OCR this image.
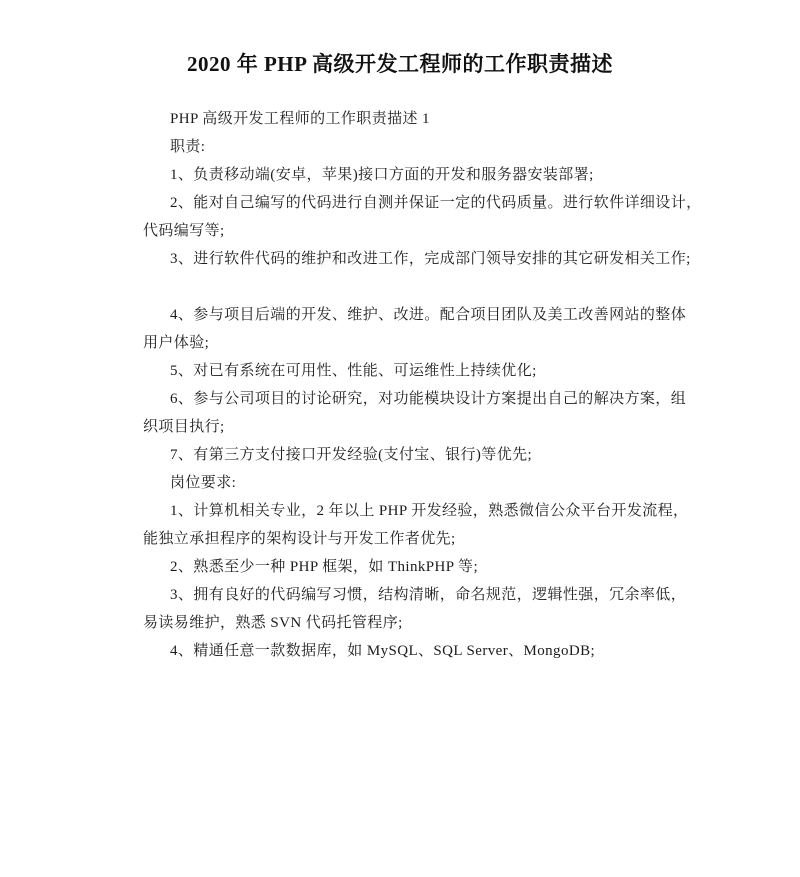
2020 年 PHP 高级开发工程师的工作职责描述

PHP 高级开发工程师的工作职责描述 1

职责:

1、负责移动端(安卓，苹果)接口方面的开发和服务器安装部署;

2、能对自己编写的代码进行自测并保证一定的代码质量。进行软件详细设计，

代码编写等;

3、进行软件代码的维护和改进工作，完成部门领导安排的其它研发相关工作;

4、参与项目后端的开发、维护、改进。配合项目团队及美工改善网站的整体

用户体验;

5、对已有系统在可用性、性能、可运维性上持续优化;

6、参与公司项目的讨论研究，对功能模块设计方案提出自己的解决方案，组

织项目执行;

7、有第三方支付接口开发经验(支付宝、银行)等优先;

岗位要求:

1、计算机相关专业，2 年以上 PHP 开发经验，熟悉微信公众平台开发流程，

能独立承担程序的架构设计与开发工作者优先;

2、熟悉至少一种 PHP 框架，如 ThinkPHP 等;

3、拥有良好的代码编写习惯，结构清晰，命名规范，逻辑性强，冗余率低，

易读易维护，熟悉 SVN 代码托管程序;

4、精通任意一款数据库，如 MySQL、SQL Server、MongoDB;
